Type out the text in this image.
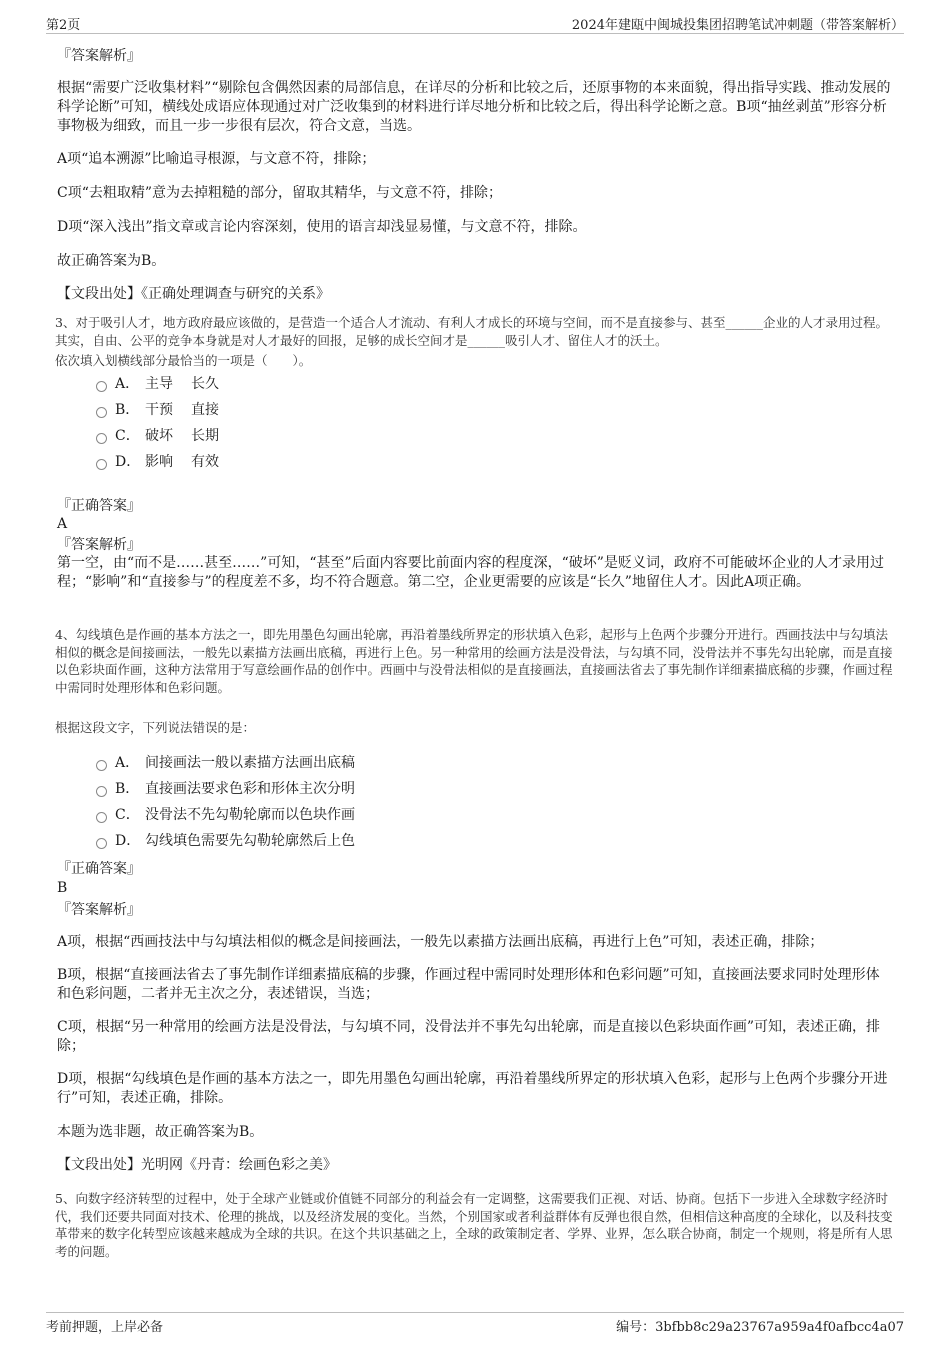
第2页	2024年建瓯中闽城投集团招聘笔试冲刺题（带答案解析）
『答案解析』
根据“需要广泛收集材料”“剔除包含偶然因素的局部信息，在详尽的分析和比较之后，还原事物的本来面貌，得出指导实践、推动发展的科学论断”可知，横线处成语应体现通过对广泛收集到的材料进行详尽地分析和比较之后，得出科学论断之意。B项“抽丝剥茧”形容分析事物极为细致，而且一步一步很有层次，符合文意，当选。
A项“追本溯源”比喻追寻根源，与文意不符，排除；
C项“去粗取精”意为去掉粗糙的部分，留取其精华，与文意不符，排除；
D项“深入浅出”指文章或言论内容深刻，使用的语言却浅显易懂，与文意不符，排除。
故正确答案为B。
【文段出处】《正确处理调查与研究的关系》
3、对于吸引人才，地方政府最应该做的，是营造一个适合人才流动、有利人才成长的环境与空间，而不是直接参与、甚至______企业的人才录用过程。其实，自由、公平的竞争本身就是对人才最好的回报，足够的成长空间才是______吸引人才、留住人才的沃土。
依次填入划横线部分最恰当的一项是（　　）。
A． 主导 长久
B． 干预 直接
C． 破坏 长期
D． 影响 有效
『正确答案』
A
『答案解析』
第一空，由“而不是……甚至……”可知，“甚至”后面内容要比前面内容的程度深，“破坏”是贬义词，政府不可能破坏企业的人才录用过程；“影响”和“直接参与”的程度差不多，均不符合题意。第二空，企业更需要的应该是“长久”地留住人才。因此A项正确。
4、勾线填色是作画的基本方法之一，即先用墨色勾画出轮廓，再沿着墨线所界定的形状填入色彩，起形与上色两个步骤分开进行。西画技法中与勾填法相似的概念是间接画法，一般先以素描方法画出底稿，再进行上色。另一种常用的绘画方法是没骨法，与勾填不同，没骨法并不事先勾出轮廓，而是直接以色彩块面作画，这种方法常用于写意绘画作品的创作中。西画中与没骨法相似的是直接画法，直接画法省去了事先制作详细素描底稿的步骤，作画过程中需同时处理形体和色彩问题。
根据这段文字，下列说法错误的是：
A． 间接画法一般以素描方法画出底稿
B． 直接画法要求色彩和形体主次分明
C． 没骨法不先勾勒轮廓而以色块作画
D． 勾线填色需要先勾勒轮廓然后上色
『正确答案』
B
『答案解析』
A项，根据“西画技法中与勾填法相似的概念是间接画法，一般先以素描方法画出底稿，再进行上色”可知，表述正确，排除；
B项，根据“直接画法省去了事先制作详细素描底稿的步骤，作画过程中需同时处理形体和色彩问题”可知，直接画法要求同时处理形体和色彩问题，二者并无主次之分，表述错误，当选；
C项，根据“另一种常用的绘画方法是没骨法，与勾填不同，没骨法并不事先勾出轮廓，而是直接以色彩块面作画”可知，表述正确，排除；
D项，根据“勾线填色是作画的基本方法之一，即先用墨色勾画出轮廓，再沿着墨线所界定的形状填入色彩，起形与上色两个步骤分开进行”可知，表述正确，排除。
本题为选非题，故正确答案为B。
【文段出处】光明网《丹青：绘画色彩之美》
5、向数字经济转型的过程中，处于全球产业链或价值链不同部分的利益会有一定调整，这需要我们正视、对话、协商。包括下一步进入全球数字经济时代，我们还要共同面对技术、伦理的挑战，以及经济发展的变化。当然，个别国家或者利益群体有反弹也很自然，但相信这种高度的全球化，以及科技变革带来的数字化转型应该越来越成为全球的共识。在这个共识基础之上，全球的政策制定者、学界、业界，怎么联合协商，制定一个规则，将是所有人思考的问题。
考前押题，上岸必备	编号：3bfbb8c29a23767a959a4f0afbcc4a07
